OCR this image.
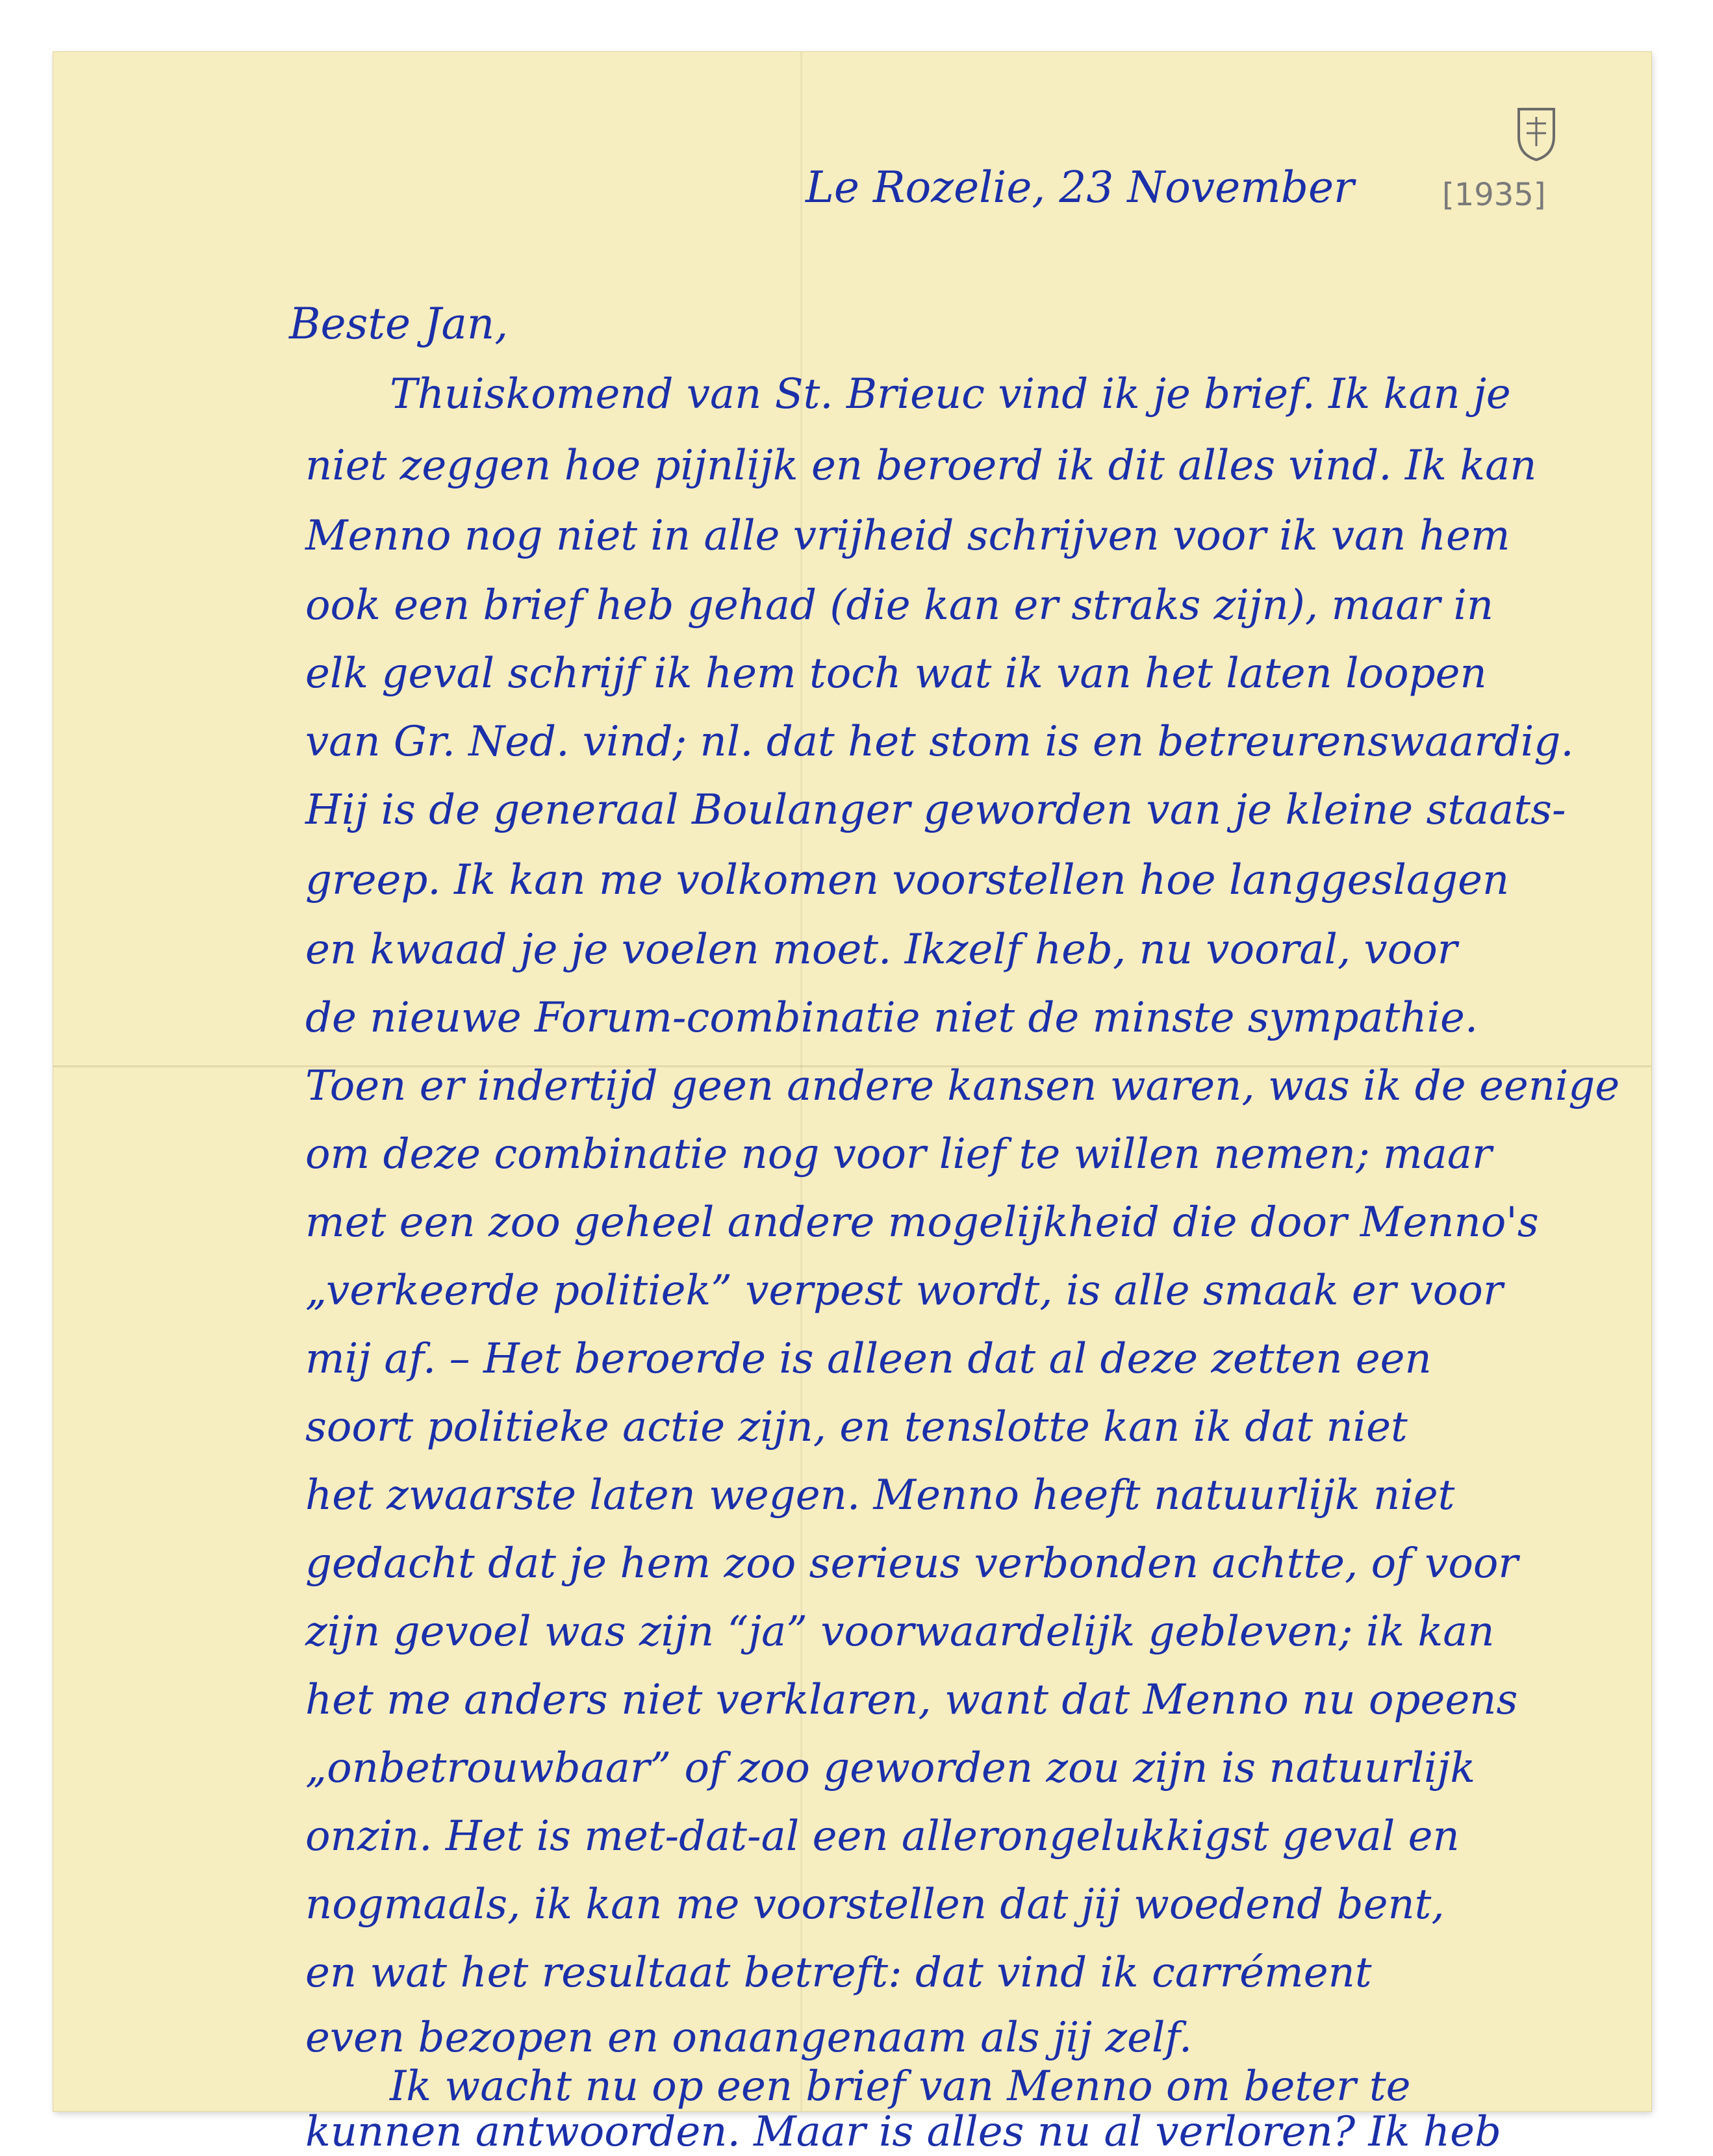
Le Rozelie, 23 November	[1935]

Beste Jan,

Thuiskomend van St. Brieuc vind ik je brief. Ik kan je

niet zeggen hoe pijnlijk en beroerd ik dit alles vind. Ik kan

Menno nog niet in alle vrijheid schrijven voor ik van hem

ook een brief heb gehad (die kan er straks zijn), maar in

elk geval schrijf ik hem toch wat ik van het laten loopen

van Gr. Ned. vind; nl. dat het stom is en betreurenswaardig.

Hij is de generaal Boulanger geworden van je kleine staats-

greep. Ik kan me volkomen voorstellen hoe langgeslagen

en kwaad je je voelen moet. Ikzelf heb, nu vooral, voor

de nieuwe Forum-combinatie niet de minste sympathie.

Toen er indertijd geen andere kansen waren, was ik de eenige

om deze combinatie nog voor lief te willen nemen; maar

met een zoo geheel andere mogelijkheid die door Menno's

„verkeerde politiek” verpest wordt, is alle smaak er voor

mij af. – Het beroerde is alleen dat al deze zetten een

soort politieke actie zijn, en tenslotte kan ik dat niet

het zwaarste laten wegen. Menno heeft natuurlijk niet

gedacht dat je hem zoo serieus verbonden achtte, of voor

zijn gevoel was zijn “ja” voorwaardelijk gebleven; ik kan

het me anders niet verklaren, want dat Menno nu opeens

„onbetrouwbaar” of zoo geworden zou zijn is natuurlijk

onzin. Het is met-dat-al een allerongelukkigst geval en

nogmaals, ik kan me voorstellen dat jij woedend bent,

en wat het resultaat betreft: dat vind ik carrément

even bezopen en onaangenaam als jij zelf.

Ik wacht nu op een brief van Menno om beter te

kunnen antwoorden. Maar is alles nu al verloren? Ik heb
